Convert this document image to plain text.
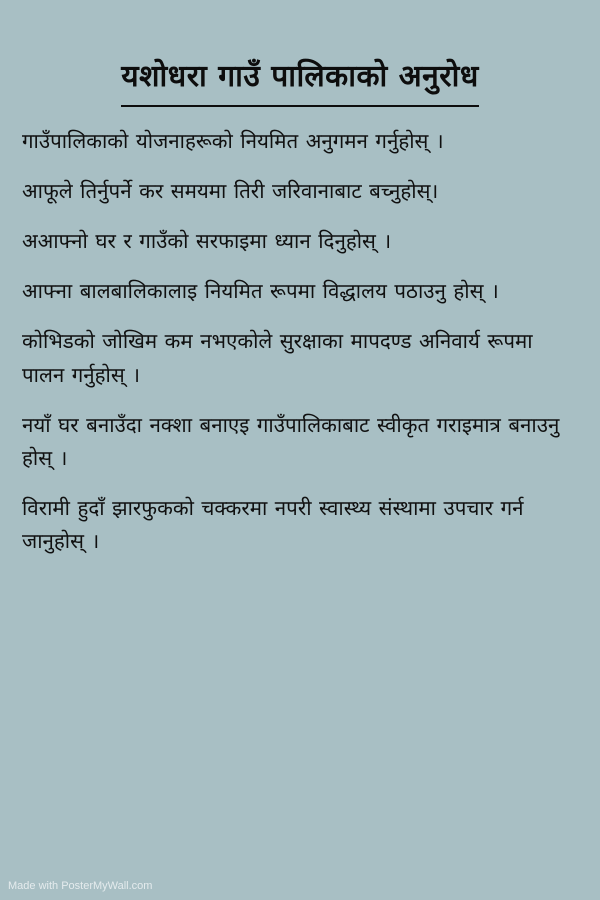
यशोधरा गाउँ पालिकाको अनुरोध
गाउँपालिकाको योजनाहरूको नियमित अनुगमन गर्नुहोस् ।
आफूले तिर्नुपर्ने कर समयमा तिरी जरिवानाबाट बच्नुहोस्।
अआफ्नो घर र गाउँको सरफाइमा ध्यान दिनुहोस् ।
आफ्ना बालबालिकालाइ नियमित रूपमा विद्धालय पठाउनु होस् ।
कोभिडको जोखिम कम नभएकोले सुरक्षाका मापदण्ड अनिवार्य रूपमा पालन गर्नुहोस् ।
नयाँ घर बनाउँदा नक्शा बनाएइ गाउँपालिकाबाट स्वीकृत गराइमात्र बनाउनु होस् ।
विरामी हुदाँ झारफुकको चक्करमा नपरी स्वास्थ्य संस्थामा उपचार गर्न जानुहोस् ।
Made with PosterMyWall.com
